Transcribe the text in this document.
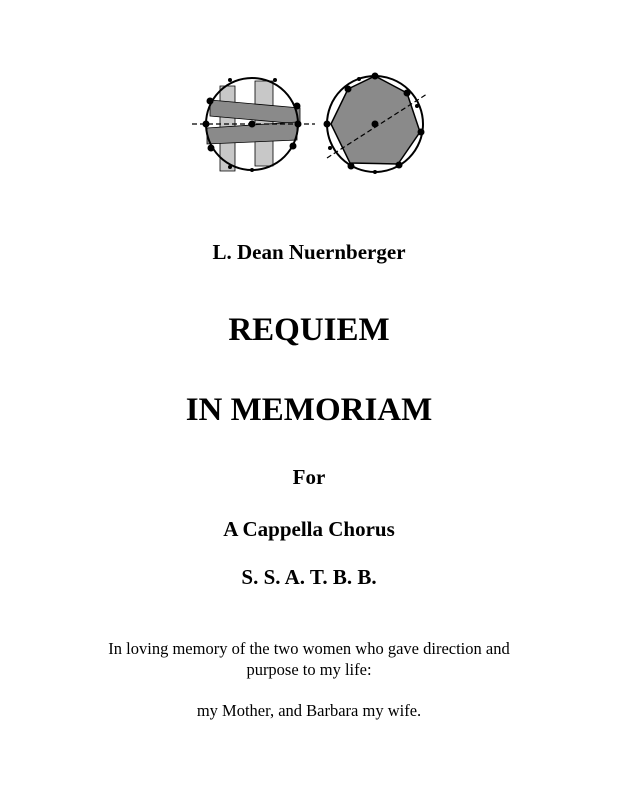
L. Dean Nuernberger
REQUIEM
IN MEMORIAM
For
A Cappella Chorus
S. S. A. T. B. B.
In loving memory of the two women who gave direction and
purpose to my life:
my Mother, and Barbara my wife.
